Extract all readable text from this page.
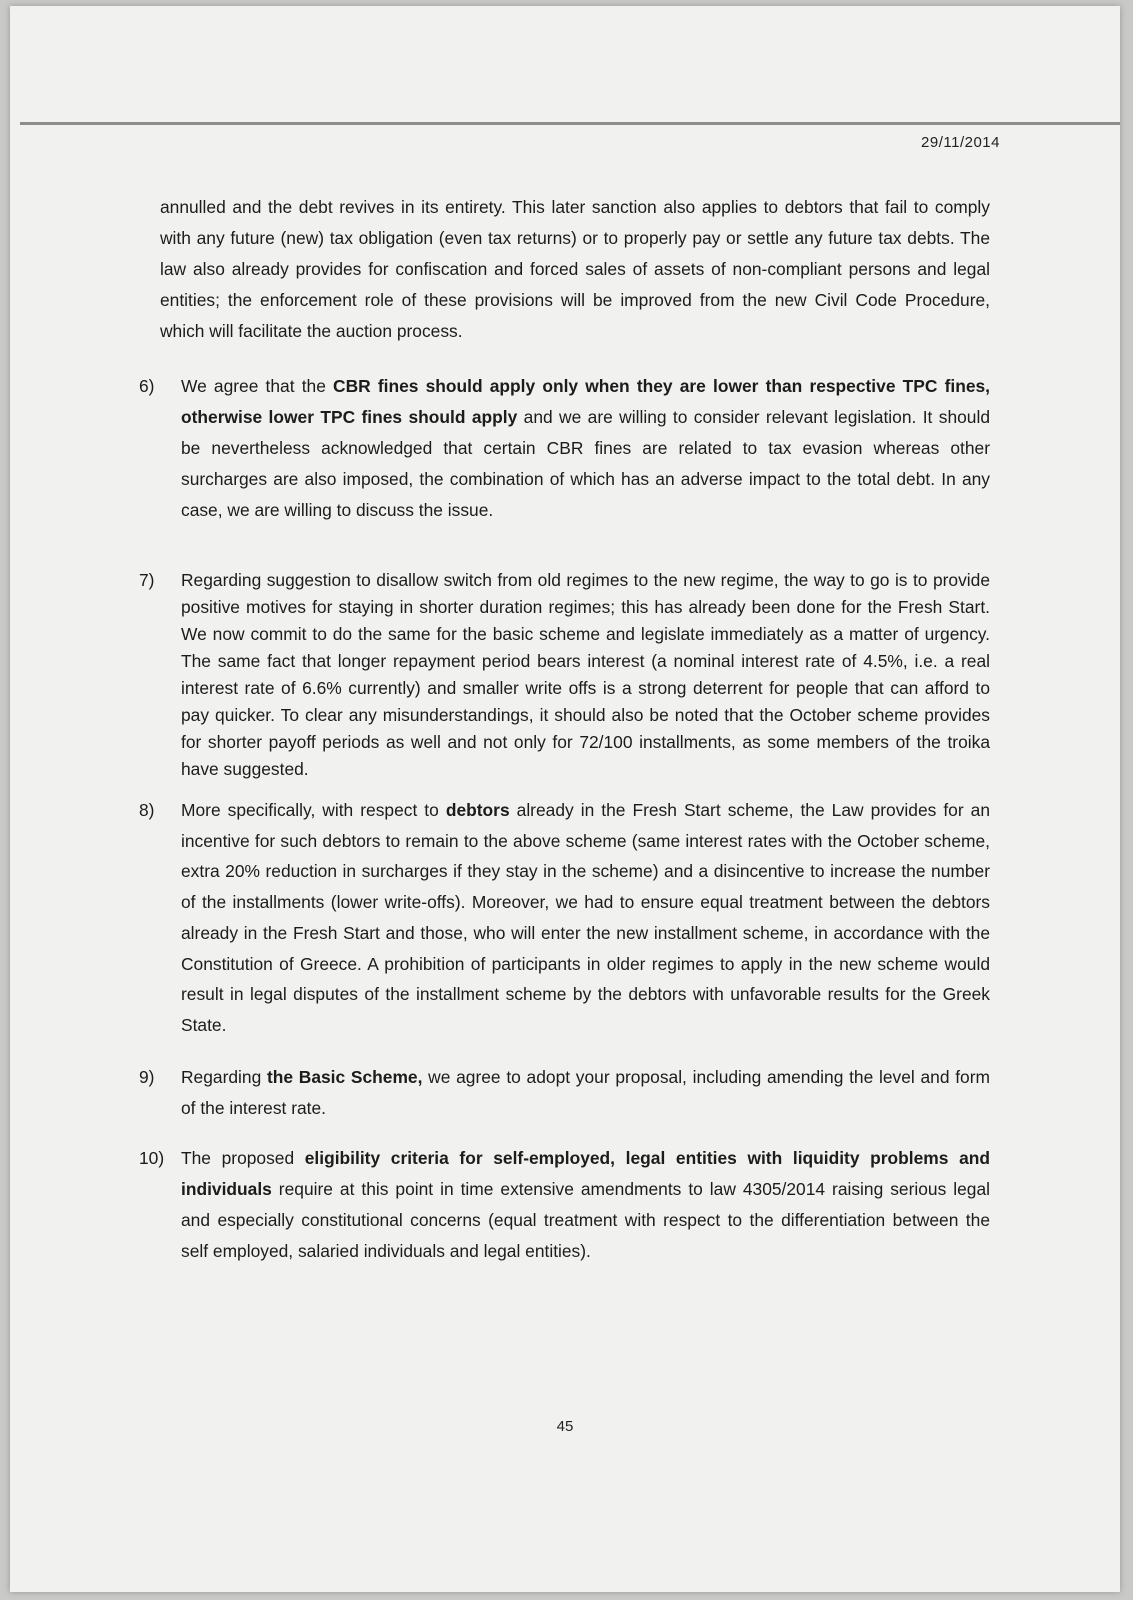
29/11/2014

annulled and the debt revives in its entirety. This later sanction also applies to debtors that fail to comply with any future (new) tax obligation (even tax returns) or to properly pay or settle any future tax debts. The law also already provides for confiscation and forced sales of assets of non-compliant persons and legal entities; the enforcement role of these provisions will be improved from the new Civil Code Procedure, which will facilitate the auction process.

6) We agree that the CBR fines should apply only when they are lower than respective TPC fines, otherwise lower TPC fines should apply and we are willing to consider relevant legislation. It should be nevertheless acknowledged that certain CBR fines are related to tax evasion whereas other surcharges are also imposed, the combination of which has an adverse impact to the total debt. In any case, we are willing to discuss the issue.

7) Regarding suggestion to disallow switch from old regimes to the new regime, the way to go is to provide positive motives for staying in shorter duration regimes; this has already been done for the Fresh Start. We now commit to do the same for the basic scheme and legislate immediately as a matter of urgency. The same fact that longer repayment period bears interest (a nominal interest rate of 4.5%, i.e. a real interest rate of 6.6% currently) and smaller write offs is a strong deterrent for people that can afford to pay quicker. To clear any misunderstandings, it should also be noted that the October scheme provides for shorter payoff periods as well and not only for 72/100 installments, as some members of the troika have suggested.

8) More specifically, with respect to debtors already in the Fresh Start scheme, the Law provides for an incentive for such debtors to remain to the above scheme (same interest rates with the October scheme, extra 20% reduction in surcharges if they stay in the scheme) and a disincentive to increase the number of the installments (lower write-offs). Moreover, we had to ensure equal treatment between the debtors already in the Fresh Start and those, who will enter the new installment scheme, in accordance with the Constitution of Greece. A prohibition of participants in older regimes to apply in the new scheme would result in legal disputes of the installment scheme by the debtors with unfavorable results for the Greek State.

9) Regarding the Basic Scheme, we agree to adopt your proposal, including amending the level and form of the interest rate.

10) The proposed eligibility criteria for self-employed, legal entities with liquidity problems and individuals require at this point in time extensive amendments to law 4305/2014 raising serious legal and especially constitutional concerns (equal treatment with respect to the differentiation between the self employed, salaried individuals and legal entities).

45
